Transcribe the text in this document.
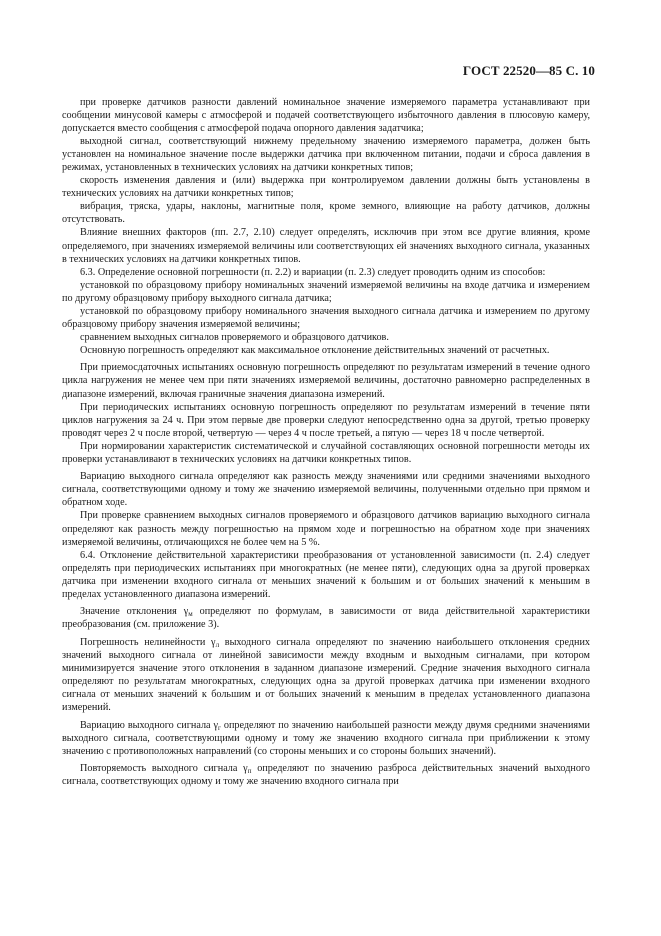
ГОСТ 22520—85 С. 10

при проверке датчиков разности давлений номинальное значение измеряемого параметра устанавливают при сообщении минусовой камеры с атмосферой и подачей соответствующего избыточного давления в плюсовую камеру, допускается вместо сообщения с атмосферой подача опорного давления задатчика;

выходной сигнал, соответствующий нижнему предельному значению измеряемого параметра, должен быть установлен на номинальное значение после выдержки датчика при включенном питании, подачи и сброса давления в режимах, установленных в технических условиях на датчики конкретных типов;

скорость изменения давления и (или) выдержка при контролируемом давлении должны быть установлены в технических условиях на датчики конкретных типов;

вибрация, тряска, удары, наклоны, магнитные поля, кроме земного, влияющие на работу датчиков, должны отсутствовать.

Влияние внешних факторов (пп. 2.7, 2.10) следует определять, исключив при этом все другие влияния, кроме определяемого, при значениях измеряемой величины или соответствующих ей значениях выходного сигнала, указанных в технических условиях на датчики конкретных типов.

6.3. Определение основной погрешности (п. 2.2) и вариации (п. 2.3) следует проводить одним из способов:

установкой по образцовому прибору номинальных значений измеряемой величины на входе датчика и измерением по другому образцовому прибору выходного сигнала датчика;

установкой по образцовому прибору номинального значения выходного сигнала датчика и измерением по другому образцовому прибору значения измеряемой величины;

сравнением выходных сигналов проверяемого и образцового датчиков.

Основную погрешность определяют как максимальное отклонение действительных значений от расчетных.

При приемосдаточных испытаниях основную погрешность определяют по результатам измерений в течение одного цикла нагружения не менее чем при пяти значениях измеряемой величины, достаточно равномерно распределенных в диапазоне измерений, включая граничные значения диапазона измерений.

При периодических испытаниях основную погрешность определяют по результатам измерений в течение пяти циклов нагружения за 24 ч. При этом первые две проверки следуют непосредственно одна за другой, третью проверку проводят через 2 ч после второй, четвертую — через 4 ч после третьей, а пятую — через 18 ч после четвертой.

При нормировании характеристик систематической и случайной составляющих основной погрешности методы их проверки устанавливают в технических условиях на датчики конкретных типов.

Вариацию выходного сигнала определяют как разность между значениями или средними значениями выходного сигнала, соответствующими одному и тому же значению измеряемой величины, полученными отдельно при прямом и обратном ходе.

При проверке сравнением выходных сигналов проверяемого и образцового датчиков вариацию выходного сигнала определяют как разность между погрешностью на прямом ходе и погрешностью на обратном ходе при значениях измеряемой величины, отличающихся не более чем на 5 %.

6.4. Отклонение действительной характеристики преобразования от установленной зависимости (п. 2.4) следует определять при периодических испытаниях при многократных (не менее пяти), следующих одна за другой проверках датчика при изменении входного сигнала от меньших значений к большим и от больших значений к меньшим в пределах установленного диапазона измерений.

Значение отклонения $\gamma_м$ определяют по формулам, в зависимости от вида действительной характеристики преобразования (см. приложение 3).

Погрешность нелинейности $\gamma_л$ выходного сигнала определяют по значению наибольшего отклонения средних значений выходного сигнала от линейной зависимости между входным и выходным сигналами, при котором минимизируется значение этого отклонения в заданном диапазоне измерений. Средние значения выходного сигнала определяют по результатам многократных, следующих одна за другой проверках датчика при изменении входного сигнала от меньших значений к большим и от больших значений к меньшим в пределах установленного диапазона измерений.

Вариацию выходного сигнала $\gamma_г$ определяют по значению наибольшей разности между двумя средними значениями выходного сигнала, соответствующими одному и тому же значению входного сигнала при приближении к этому значению с противоположных направлений (со стороны меньших и со стороны больших значений).

Повторяемость выходного сигнала $\gamma_п$ определяют по значению разброса действительных значений выходного сигнала, соответствующих одному и тому же значению входного сигнала при
